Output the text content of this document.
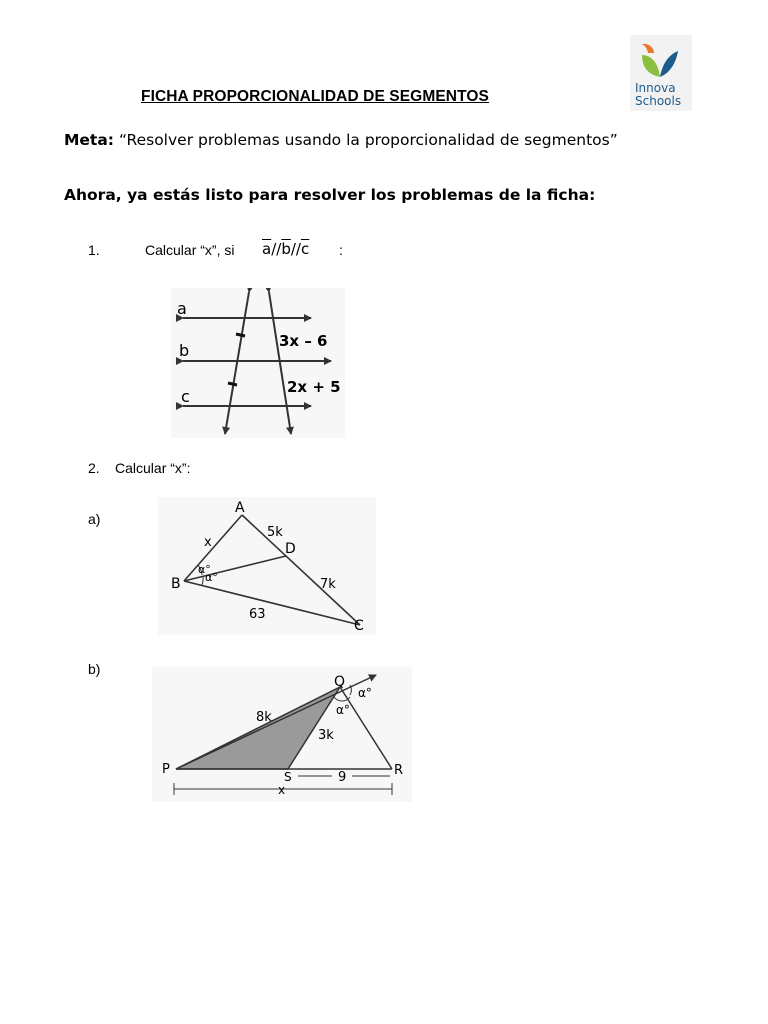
Innova
Schools
FICHA PROPORCIONALIDAD DE SEGMENTOS
Meta: “Resolver problemas usando la proporcionalidad de segmentos”
Ahora, ya estás listo para resolver los problemas de la ficha:
1.	Calcular “x”, si $\overline{a}//\overline{b}//\overline{c}$ :
a
b
c
3x – 6
2x + 5
2. Calcular “x”:
a)
A
B
C
D
x
5k
7k
63
α°
α°
b)
P
Q
R
S
8k
3k
9
x
α°
α°
